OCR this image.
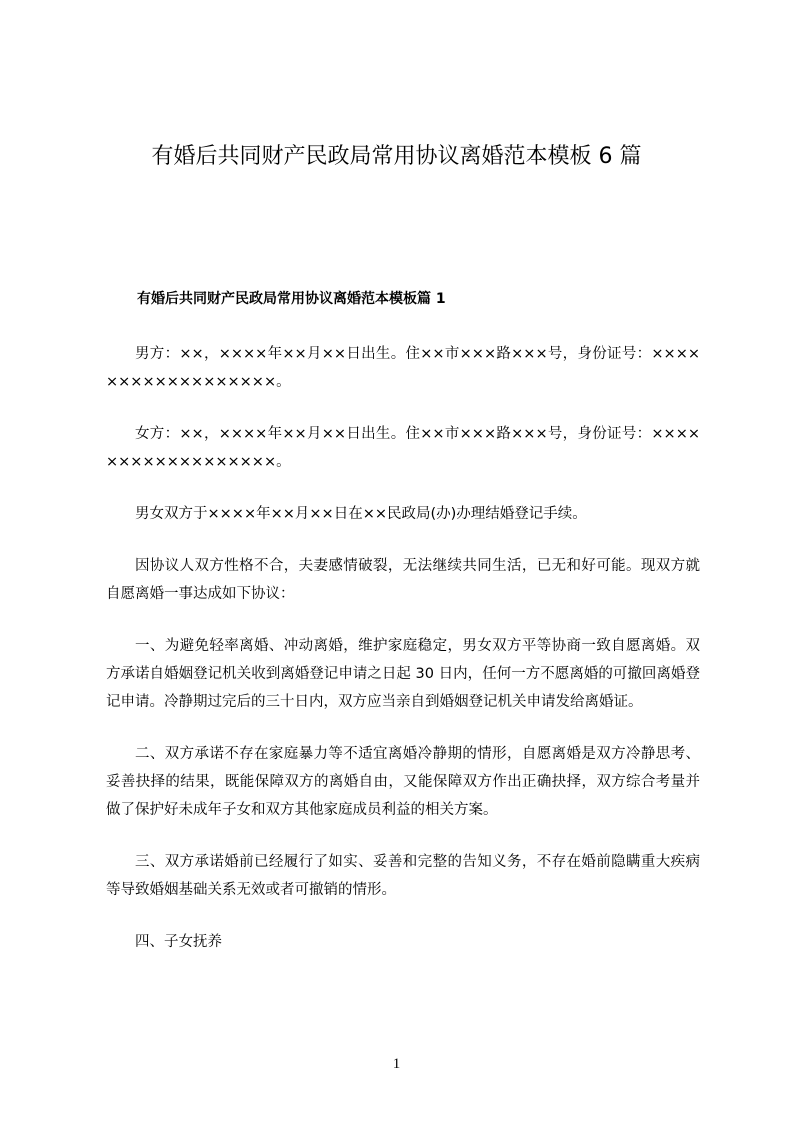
有婚后共同财产民政局常用协议离婚范本模板 6 篇
有婚后共同财产民政局常用协议离婚范本模板篇 1

男方：××，××××年××月××日出生。住××市×××路×××号，身份证号：××××××××××××××××××。

女方：××，××××年××月××日出生。住××市×××路×××号，身份证号：××××××××××××××××××。

男女双方于××××年××月××日在××民政局(办)办理结婚登记手续。

因协议人双方性格不合，夫妻感情破裂，无法继续共同生活，已无和好可能。现双方就自愿离婚一事达成如下协议：

一、为避免轻率离婚、冲动离婚，维护家庭稳定，男女双方平等协商一致自愿离婚。双方承诺自婚姻登记机关收到离婚登记申请之日起 30 日内，任何一方不愿离婚的可撤回离婚登记申请。冷静期过完后的三十日内，双方应当亲自到婚姻登记机关申请发给离婚证。

二、双方承诺不存在家庭暴力等不适宜离婚冷静期的情形，自愿离婚是双方冷静思考、妥善抉择的结果，既能保障双方的离婚自由，又能保障双方作出正确抉择，双方综合考量并做了保护好未成年子女和双方其他家庭成员利益的相关方案。

三、双方承诺婚前已经履行了如实、妥善和完整的告知义务，不存在婚前隐瞒重大疾病等导致婚姻基础关系无效或者可撤销的情形。

四、子女抚养

1
